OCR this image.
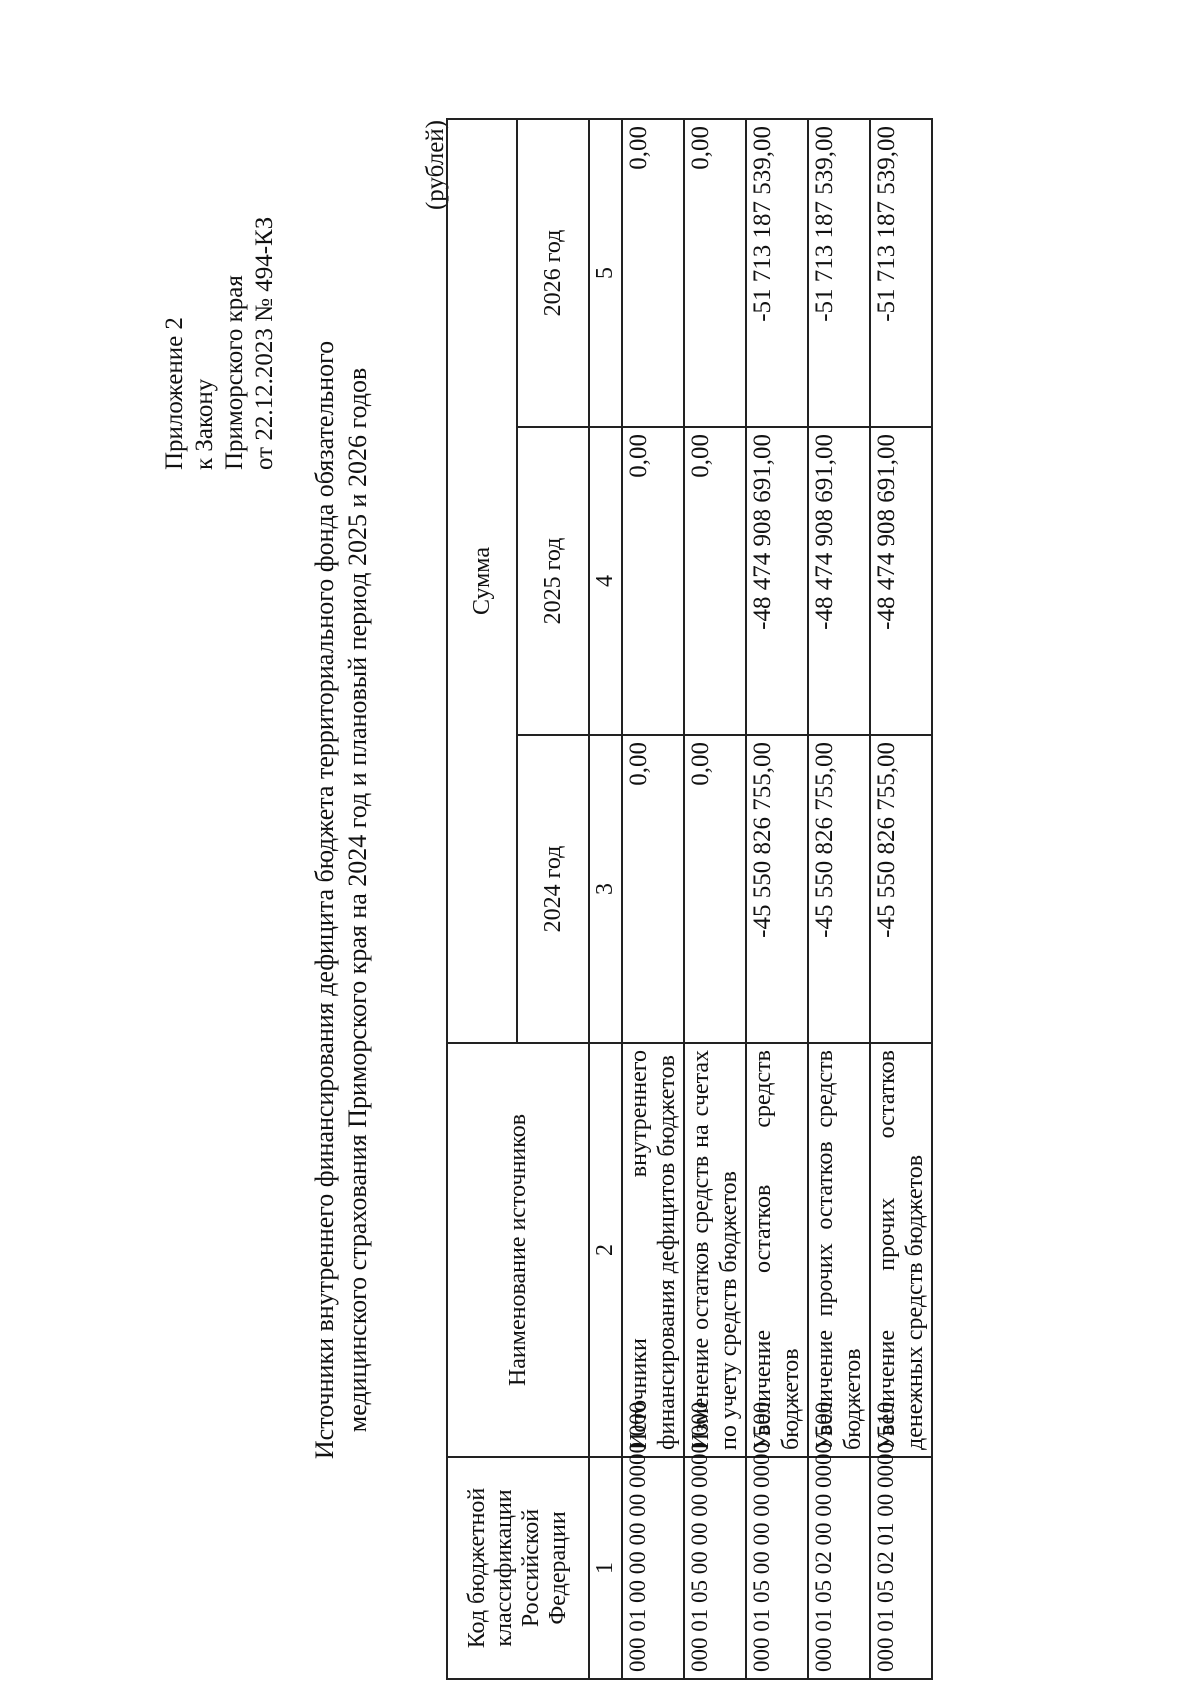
Приложение 2 к Закону Приморского края от 22.12.2023 № 494-КЗ Источники внутреннего финансирования дефицита бюджета территориального фонда обязательного медицинского страхования Приморского края на 2024 год и плановый период 2025 и 2026 годов
(рублей)
Код бюджетной классификации Российской Федерации	Наименование источников	Сумма		
		2024 год	2025 год	2026 год
1	2	3	4	5
000 01 00 00 00 00 0000 000	Источники внутреннего финансирования дефицитов бюджетов	0,00	0,00	0,00
000 01 05 00 00 00 0000 000	Изменение остатков средств на счетах по учету средств бюджетов	0,00	0,00	0,00
000 01 05 00 00 00 0000 500	Увеличение остатков средств бюджетов	-45 550 826 755,00	-48 474 908 691,00	-51 713 187 539,00
000 01 05 02 00 00 0000 500	Увеличение прочих остатков средств бюджетов	-45 550 826 755,00	-48 474 908 691,00	-51 713 187 539,00
000 01 05 02 01 00 0000 510	Увеличение прочих остатков денежных средств бюджетов	-45 550 826 755,00	-48 474 908 691,00	-51 713 187 539,00
